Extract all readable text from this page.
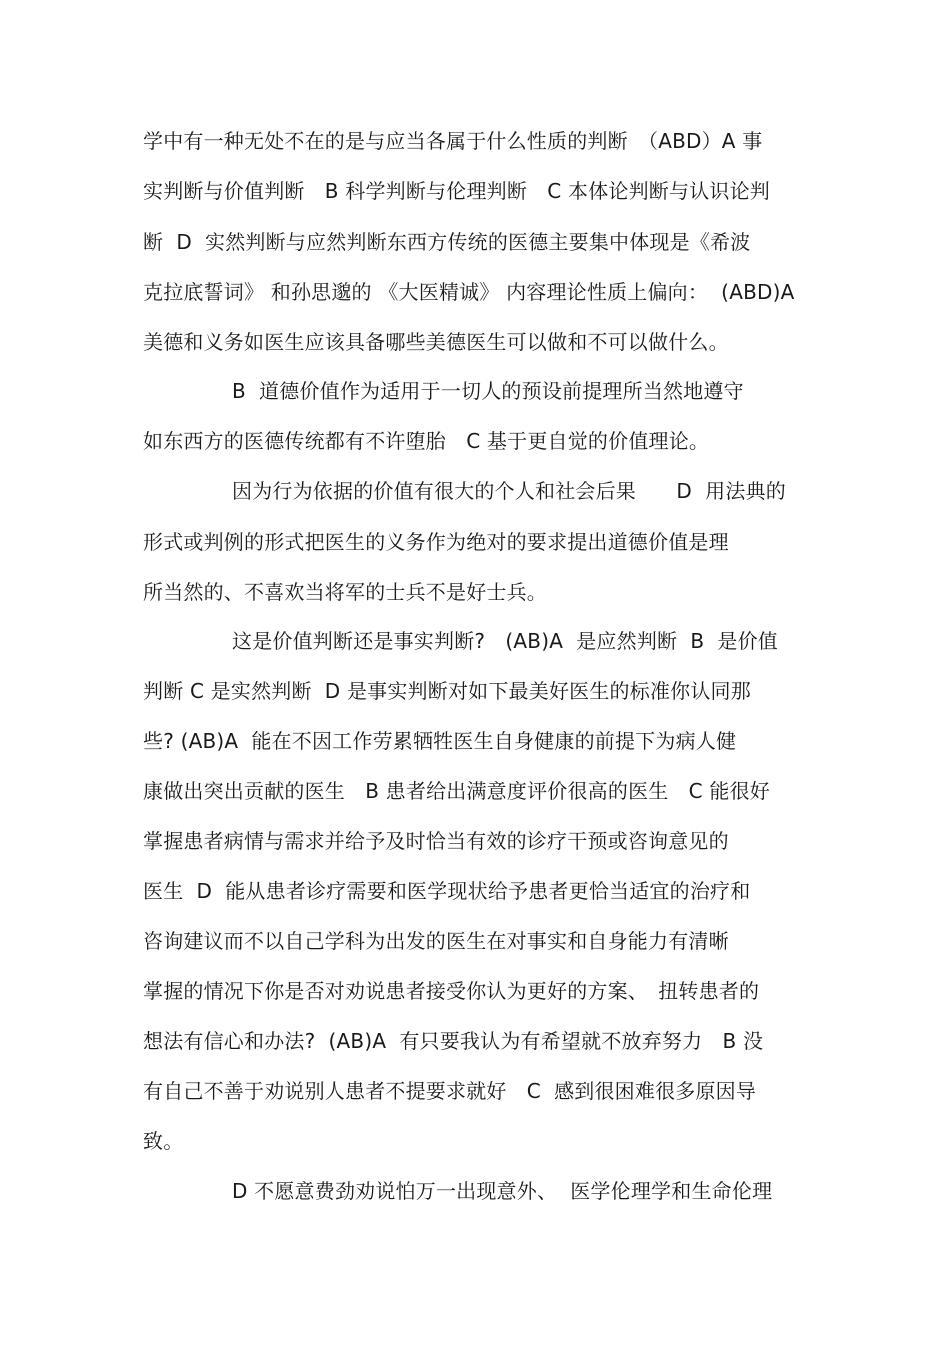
学中有一种无处不在的是与应当各属于什么性质的判断　（ABD）A 事
实判断与价值判断　B 科学判断与伦理判断　C 本体论判断与认识论判
断  D  实然判断与应然判断东西方传统的医德主要集中体现是《希波
克拉底誓词》 和孙思邈的 《大医精诚》 内容理论性质上偏向：  (ABD)A
美德和义务如医生应该具备哪些美德医生可以做和不可以做什么。
B  道德价值作为适用于一切人的预设前提理所当然地遵守
如东西方的医德传统都有不许堕胎　C 基于更自觉的价值理论。
因为行为依据的价值有很大的个人和社会后果　　D  用法典的
形式或判例的形式把医生的义务作为绝对的要求提出道德价值是理
所当然的、不喜欢当将军的士兵不是好士兵。
这是价值判断还是事实判断?　(AB)A  是应然判断  B  是价值
判断 C 是实然判断  D 是事实判断对如下最美好医生的标准你认同那
些? (AB)A  能在不因工作劳累牺牲医生自身健康的前提下为病人健
康做出突出贡献的医生　B 患者给出满意度评价很高的医生　C 能很好
掌握患者病情与需求并给予及时恰当有效的诊疗干预或咨询意见的
医生  D  能从患者诊疗需要和医学现状给予患者更恰当适宜的治疗和
咨询建议而不以自己学科为出发的医生在对事实和自身能力有清晰
掌握的情况下你是否对劝说患者接受你认为更好的方案、　扭转患者的
想法有信心和办法?  (AB)A  有只要我认为有希望就不放弃努力　B 没
有自己不善于劝说别人患者不提要求就好　C  感到很困难很多原因导
致。
D 不愿意费劲劝说怕万一出现意外、  医学伦理学和生命伦理
